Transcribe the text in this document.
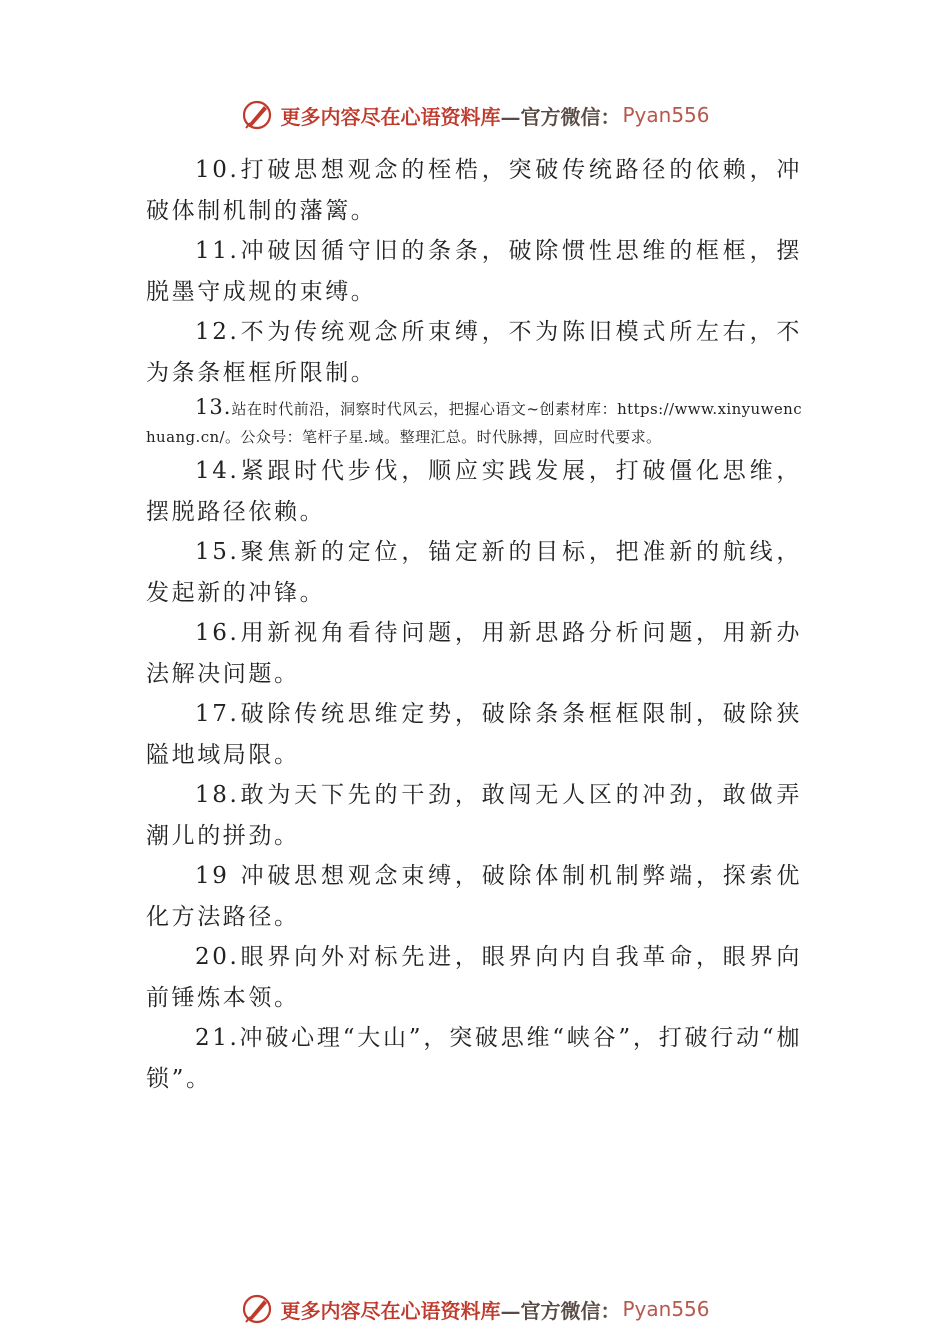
更多内容尽在心语资料库 —官方微信： Pyan556

10.打破思想观念的桎梏，突破传统路径的依赖，冲破体制机制的藩篱。

11.冲破因循守旧的条条，破除惯性思维的框框，摆脱墨守成规的束缚。

12.不为传统观念所束缚，不为陈旧模式所左右，不为条条框框所限制。

13.站在时代前沿，洞察时代风云，把握心语文~创素材库：https://www.xinyuwenchuang.cn/。公众号：笔杆子星.域。整理汇总。时代脉搏，回应时代要求。

14.紧跟时代步伐，顺应实践发展，打破僵化思维，摆脱路径依赖。

15.聚焦新的定位，锚定新的目标，把准新的航线，发起新的冲锋。

16.用新视角看待问题，用新思路分析问题，用新办法解决问题。

17.破除传统思维定势，破除条条框框限制，破除狭隘地域局限。

18.敢为天下先的干劲，敢闯无人区的冲劲，敢做弄潮儿的拼劲。

19 冲破思想观念束缚，破除体制机制弊端，探索优化方法路径。

20.眼界向外对标先进，眼界向内自我革命，眼界向前锤炼本领。

21.冲破心理“大山”，突破思维“峡谷”，打破行动“枷锁”。

更多内容尽在心语资料库 —官方微信： Pyan556
